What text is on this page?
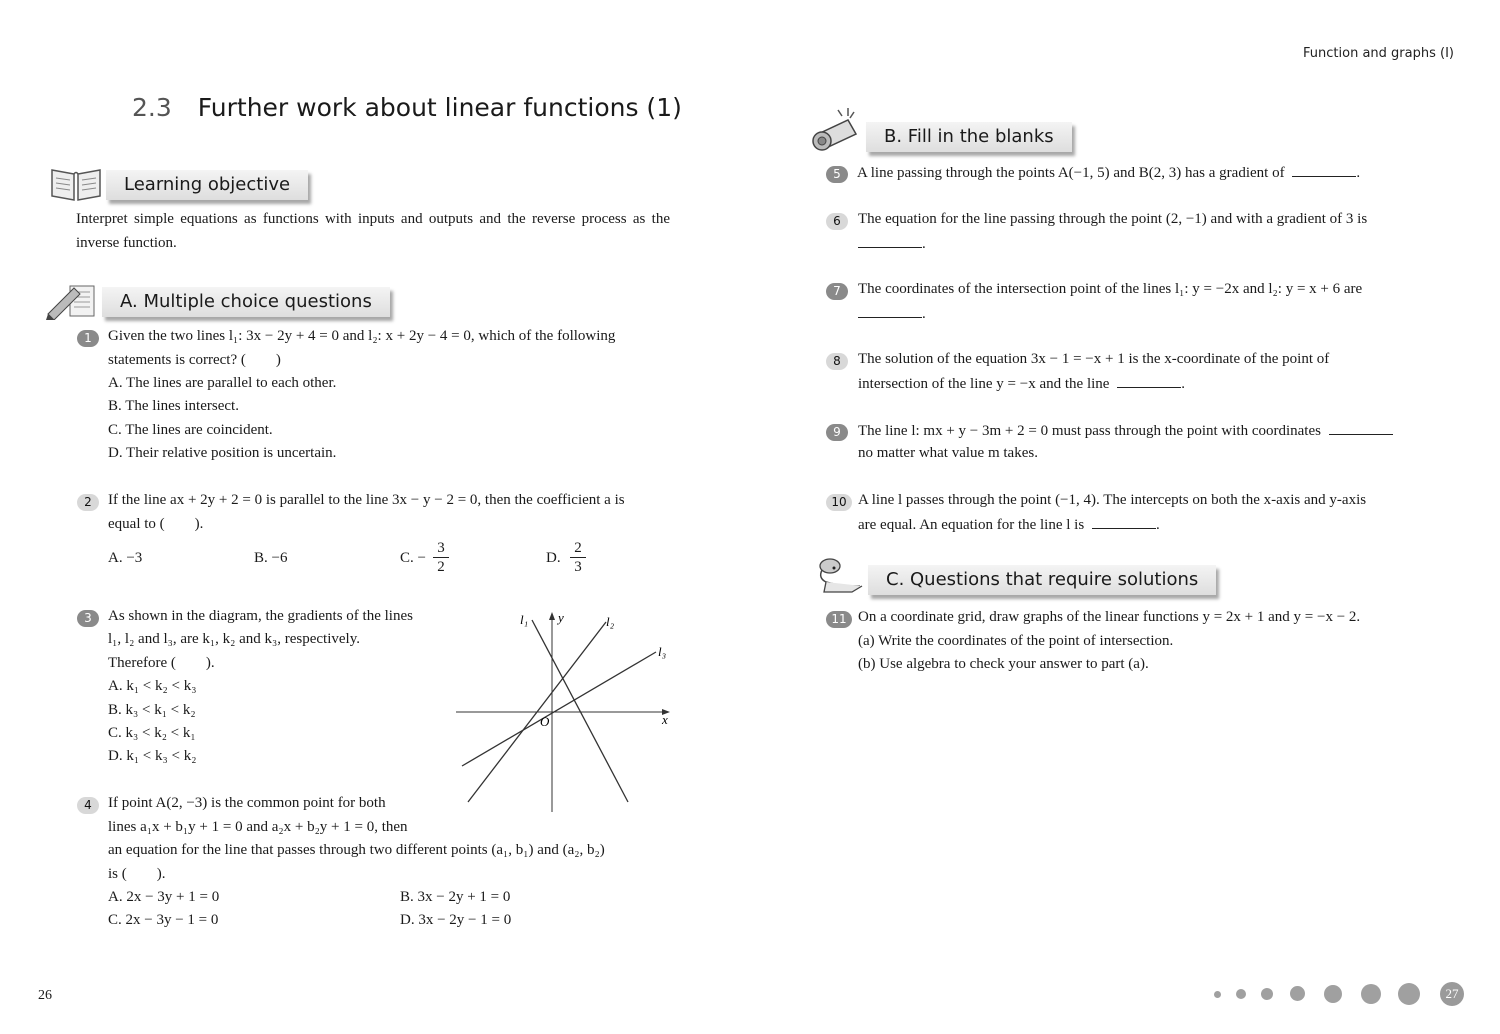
Function and graphs (I)
2.3 Further work about linear functions (1)
Learning objective
Interpret simple equations as functions with inputs and outputs and the reverse process as the inverse function.
A. Multiple choice questions
1	Given the two lines l₁: 3x − 2y + 4 = 0 and l₂: x + 2y − 4 = 0, which of the following
statements is correct? (  )
A. The lines are parallel to each other.
B. The lines intersect.
C. The lines are coincident.
D. Their relative position is uncertain.
2	If the line ax + 2y + 2 = 0 is parallel to the line 3x − y − 2 = 0, then the coefficient a is
equal to (  ).
A. −3	B. −6	C. − $\frac{3}{2}$	D. $\frac{2}{3}$
3	As shown in the diagram, the gradients of the lines
l₁, l₂ and l₃, are k₁, k₂ and k₃, respectively.
Therefore (  ).
A. k₁ < k₂ < k₃
B. k₃ < k₁ < k₂
C. k₃ < k₂ < k₁
D. k₁ < k₃ < k₂
l₁ y	l₂
l₃
x
O
4	If point A(2, −3) is the common point for both
lines a₁x + b₁y + 1 = 0 and a₂x + b₂y + 1 = 0, then
an equation for the line that passes through two different points (a₁, b₁) and (a₂, b₂)
is (  ).
A. 2x − 3y + 1 = 0	B. 3x − 2y + 1 = 0
C. 2x − 3y − 1 = 0	D. 3x − 2y − 1 = 0
B. Fill in the blanks
5	A line passing through the points A(−1, 5) and B(2, 3) has a gradient of	.
6	The equation for the line passing through the point (2, −1) and with a gradient of 3 is
.
7	The coordinates of the intersection point of the lines l₁: y = −2x and l₂: y = x + 6 are
.
8	The solution of the equation 3x − 1 = −x + 1 is the x-coordinate of the point of
intersection of the line y = −x and the line	.
9	The line l: mx + y − 3m + 2 = 0 must pass through the point with coordinates
no matter what value m takes.
10 A line l passes through the point (−1, 4). The intercepts on both the x-axis and y-axis
are equal. An equation for the line l is	.
C. Questions that require solutions
11 On a coordinate grid, draw graphs of the linear functions y = 2x + 1 and y = −x − 2.
(a) Write the coordinates of the point of intersection.
(b) Use algebra to check your answer to part (a).
26	27
